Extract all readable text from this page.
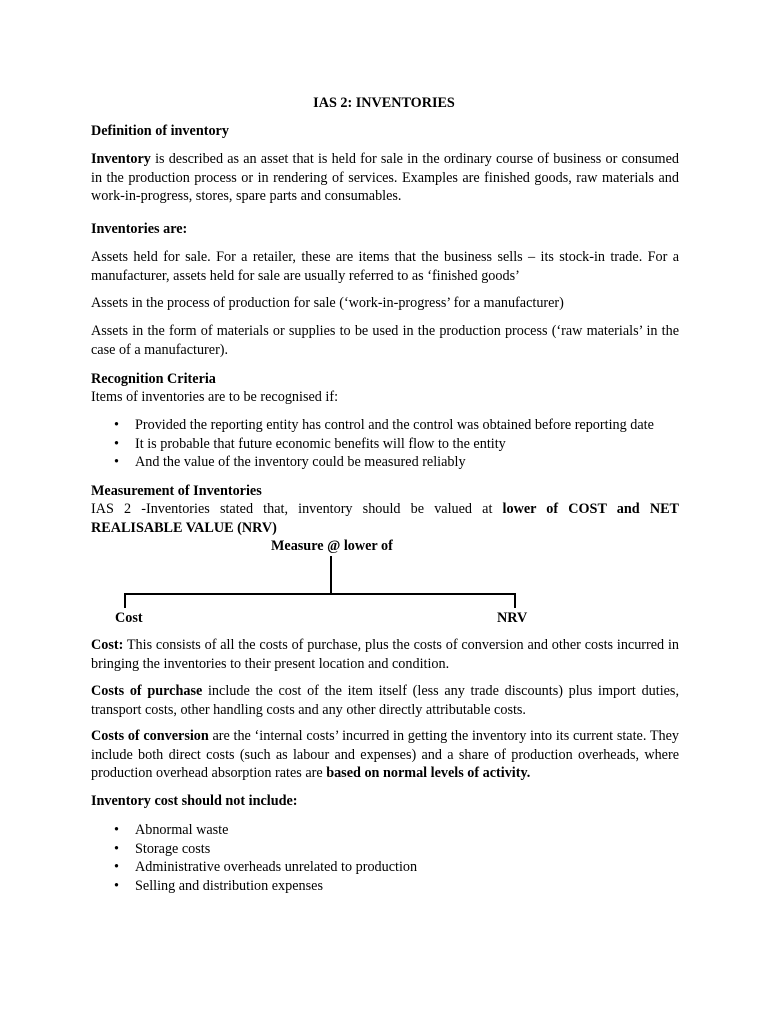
IAS 2: INVENTORIES

Definition of inventory

Inventory is described as an asset that is held for sale in the ordinary course of business or consumed in the production process or in rendering of services. Examples are finished goods, raw materials and work-in-progress, stores, spare parts and consumables.

Inventories are:

Assets held for sale. For a retailer, these are items that the business sells – its stock-in trade. For a manufacturer, assets held for sale are usually referred to as ‘finished goods’

Assets in the process of production for sale (‘work-in-progress’ for a manufacturer)

Assets in the form of materials or supplies to be used in the production process (‘raw materials’ in the case of a manufacturer).

Recognition Criteria

Items of inventories are to be recognised if:

• Provided the reporting entity has control and the control was obtained before reporting date
• It is probable that future economic benefits will flow to the entity
• And the value of the inventory could be measured reliably

Measurement of Inventories

IAS 2 -Inventories stated that, inventory should be valued at lower of COST and NET REALISABLE VALUE (NRV)

Measure @ lower of
Cost	NRV

Cost: This consists of all the costs of purchase, plus the costs of conversion and other costs incurred in bringing the inventories to their present location and condition.

Costs of purchase include the cost of the item itself (less any trade discounts) plus import duties, transport costs, other handling costs and any other directly attributable costs.

Costs of conversion are the ‘internal costs’ incurred in getting the inventory into its current state. They include both direct costs (such as labour and expenses) and a share of production overheads, where production overhead absorption rates are based on normal levels of activity.

Inventory cost should not include:

• Abnormal waste
• Storage costs
• Administrative overheads unrelated to production
• Selling and distribution expenses
